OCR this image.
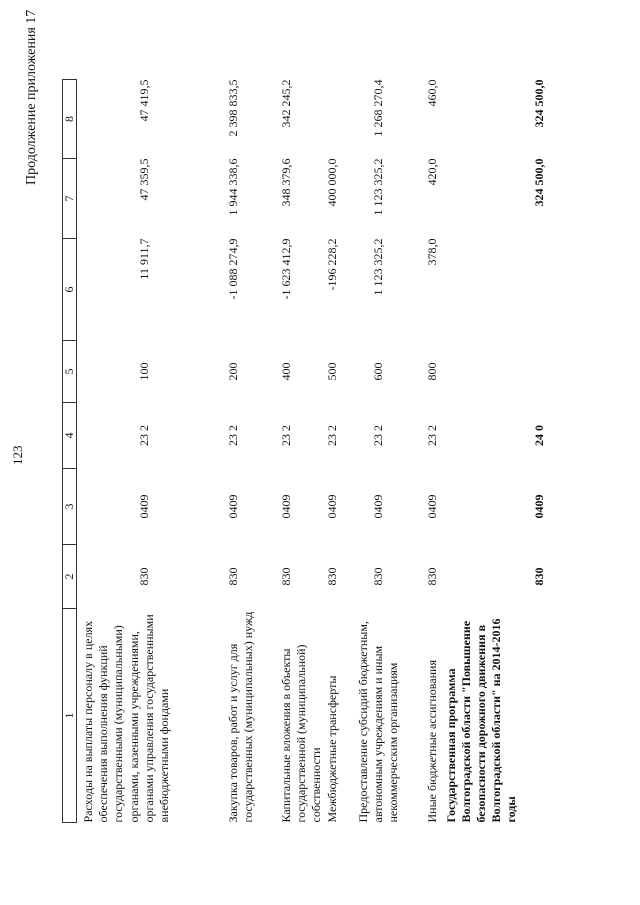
123
Продолжение приложения 17
1	2	3	4	5	6	7	8
Расходы на выплаты персоналу в целях обеспечения выполнения функций государственными (муниципальными) органами, казенными учреждениями, органами управления государственными внебюджетными фондами	830	0409	23 2	100	11 911,7	47 359,5	47 419,5
Закупка товаров, работ и услуг для государственных (муниципальных) нужд	830	0409	23 2	200	-1 088 274,9	1 944 338,6	2 398 833,5
Капитальные вложения в объекты государственной (муниципальной) собственности	830	0409	23 2	400	-1 623 412,9	348 379,6	342 245,2
Межбюджетные трансферты	830	0409	23 2	500	-196 228,2	400 000,0	
Предоставление субсидий бюджетным, автономным учреждениям и иным некоммерческим организациям	830	0409	23 2	600	1 123 325,2	1 123 325,2	1 268 270,4
Иные бюджетные ассигнования	830	0409	23 2	800	378,0	420,0	460,0
Государственная программа Волгоградской области "Повышение безопасности дорожного движения в Волгоградской области" на 2014-2016 годы	830	0409	24 0			324 500,0	324 500,0
